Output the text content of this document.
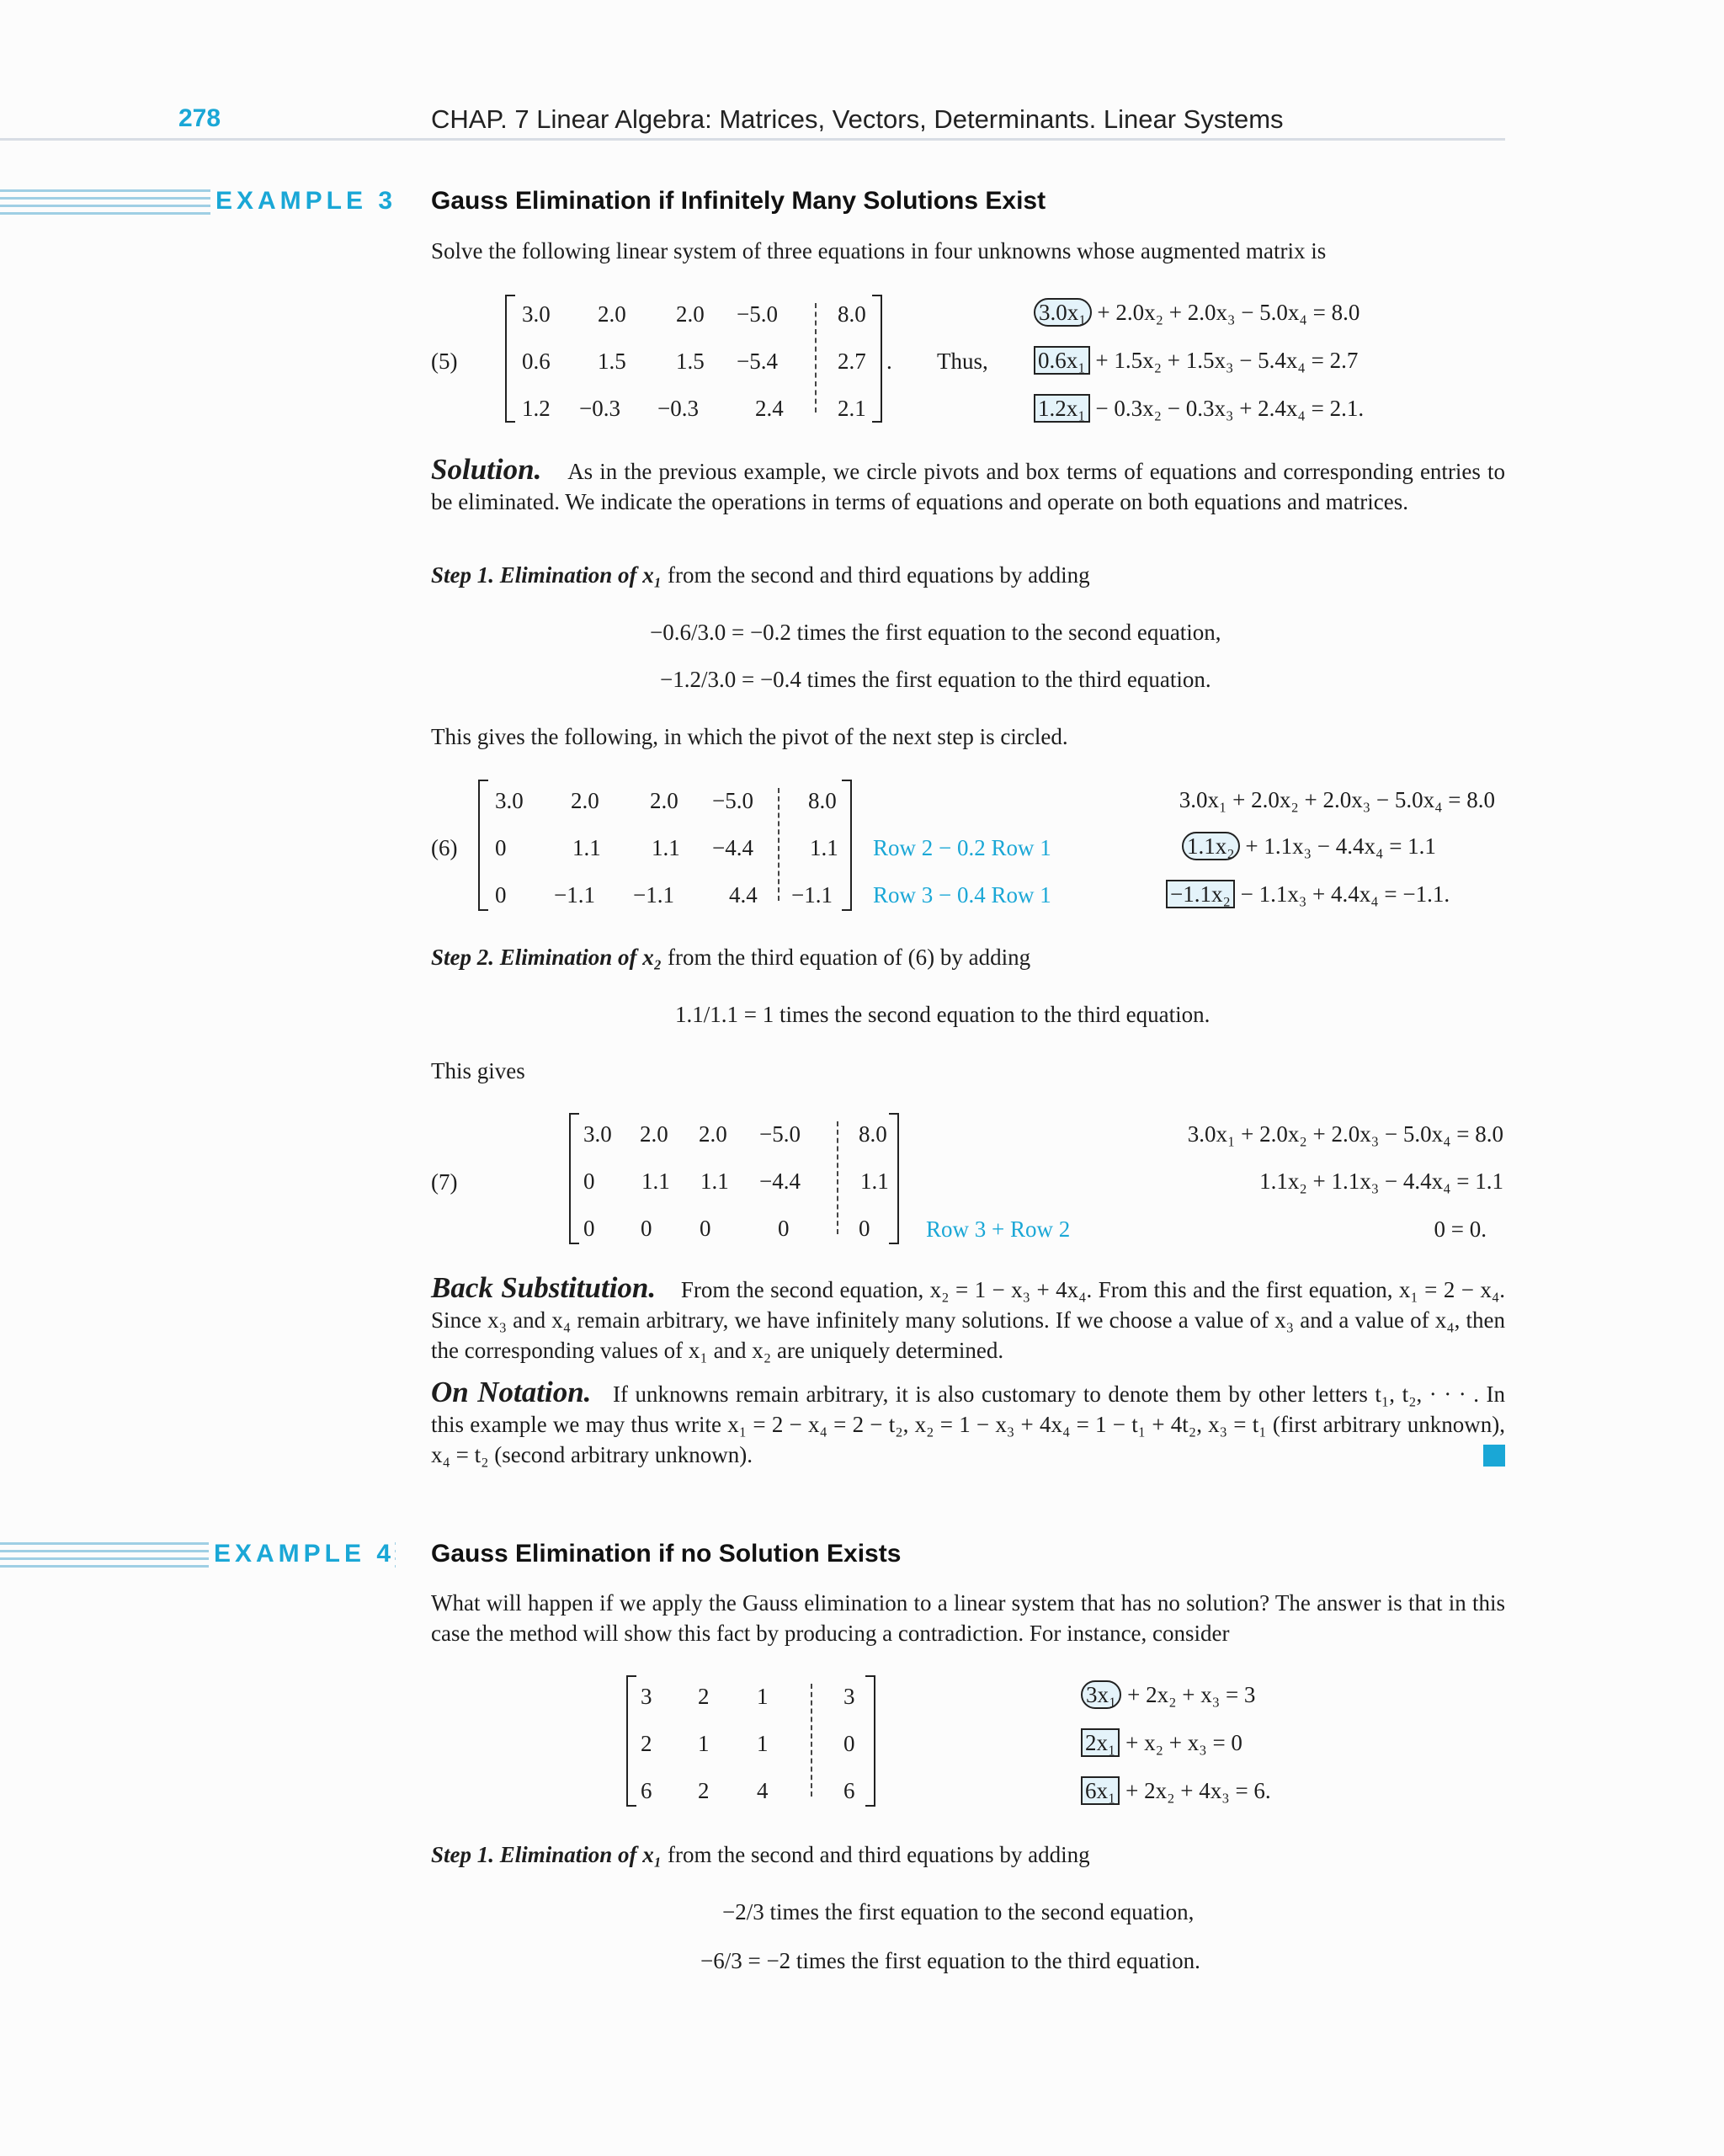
278	CHAP. 7 Linear Algebra: Matrices, Vectors, Determinants. Linear Systems
EXAMPLE 3 Gauss Elimination if Infinitely Many Solutions Exist
Solve the following linear system of three equations in four unknowns whose augmented matrix is
(5)
3.0 2.0 2.0 −5.0	8.0
0.6 1.5 1.5 −5.4	2.7
1.2 −0.3 −0.3 2.4 2.1
. Thus,
3.0x₁ + 2.0x₂ + 2.0x₃ − 5.0x₄ = 8.0
0.6x₁ + 1.5x₂ + 1.5x₃ − 5.4x₄ = 2.7
1.2x₁ − 0.3x₂ − 0.3x₃ + 2.4x₄ = 2.1.
Solution. As in the previous example, we circle pivots and box terms of equations and corresponding entries to be eliminated. We indicate the operations in terms of equations and operate on both equations and matrices.
Step 1. Elimination of x₁ from the second and third equations by adding
−0.6/3.0 = −0.2 times the first equation to the second equation,
−1.2/3.0 = −0.4 times the first equation to the third equation.
This gives the following, in which the pivot of the next step is circled.
(6)
3.0 2.0 2.0 −5.0 8.0
0	1.1 1.1 −4.4 1.1
0 −1.1 −1.1 4.4 −1.1
Row 2 − 0.2 Row 1
Row 3 − 0.4 Row 1
3.0x₁ + 2.0x₂ + 2.0x₃ − 5.0x₄ = 8.0
1.1x₂ + 1.1x₃ − 4.4x₄ = 1.1
−1.1x₂ − 1.1x₃ + 4.4x₄ = −1.1.
Step 2. Elimination of x₂ from the third equation of (6) by adding
1.1/1.1 = 1 times the second equation to the third equation.
This gives
(7)
3.0 2.0 2.0 −5.0	8.0
0 1.1 1.1 −4.4	1.1
0 0 0	0	0 Row 3 + Row 2
3.0x₁ + 2.0x₂ + 2.0x₃ − 5.0x₄ = 8.0
1.1x₂ + 1.1x₃ − 4.4x₄ = 1.1
0 = 0.
Back Substitution. From the second equation, x₂ = 1 − x₃ + 4x₄. From this and the first equation, x₁ = 2 − x₄. Since x₃ and x₄ remain arbitrary, we have infinitely many solutions. If we choose a value of x₃ and a value of x₄, then the corresponding values of x₁ and x₂ are uniquely determined.
On Notation. If unknowns remain arbitrary, it is also customary to denote them by other letters t₁, t₂, · · · . In this example we may thus write x₁ = 2 − x₄ = 2 − t₂, x₂ = 1 − x₃ + 4x₄ = 1 − t₁ + 4t₂, x₃ = t₁ (first arbitrary unknown), x₄ = t₂ (second arbitrary unknown).
EXAMPLE 4 Gauss Elimination if no Solution Exists
What will happen if we apply the Gauss elimination to a linear system that has no solution? The answer is that in this case the method will show this fact by producing a contradiction. For instance, consider
3 2 1	3
2 1 1	0
6 2 4	6
3x₁ + 2x₂ + x₃ = 3
2x₁ + x₂ + x₃ = 0
6x₁ + 2x₂ + 4x₃ = 6.
Step 1. Elimination of x₁ from the second and third equations by adding
−2/3 times the first equation to the second equation,
−6/3 = −2 times the first equation to the third equation.
